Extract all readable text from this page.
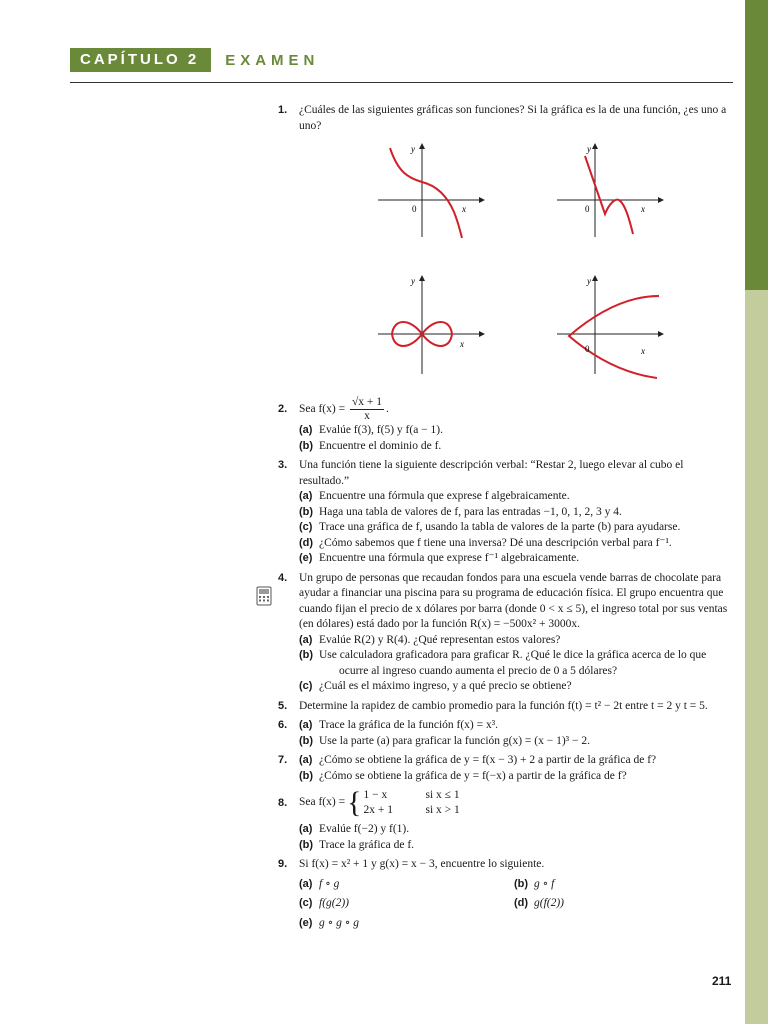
CAPÍTULO 2	EXAMEN
1. ¿Cuáles de las siguientes gráficas son funciones? Si la gráfica es la de una función, ¿es uno a uno?
y
0	x
y
0	x
y
x
y
0	x
2. Sea $f(x) = \frac{√x + 1}{x}$ .
(a) Evalúe f(3), f(5) y f(a − 1).
(b) Encuentre el dominio de f.
3. Una función tiene la siguiente descripción verbal: “Restar 2, luego elevar al cubo el resultado.”
(a) Encuentre una fórmula que exprese f algebraicamente.
(b) Haga una tabla de valores de f, para las entradas −1, 0, 1, 2, 3 y 4.
(c) Trace una gráfica de f, usando la tabla de valores de la parte (b) para ayudarse.
(d) ¿Cómo sabemos que f tiene una inversa? Dé una descripción verbal para f⁻¹.
(e) Encuentre una fórmula que exprese f⁻¹ algebraicamente.
4. Un grupo de personas que recaudan fondos para una escuela vende barras de chocolate para ayudar a financiar una piscina para su programa de educación física. El grupo encuentra que cuando fijan el precio de x dólares por barra (donde 0 < x ≤ 5), el ingreso total por sus ventas (en dólares) está dado por la función R(x) = −500x² + 3000x.
(a) Evalúe R(2) y R(4). ¿Qué representan estos valores?
(b) Use calculadora graficadora para graficar R. ¿Qué le dice la gráfica acerca de lo que
ocurre al ingreso cuando aumenta el precio de 0 a 5 dólares?
(c) ¿Cuál es el máximo ingreso, y a qué precio se obtiene?
5. Determine la rapidez de cambio promedio para la función f(t) = t² − 2t entre t = 2 y t = 5.
6. (a) Trace la gráfica de la función f(x) = x³.
(b) Use la parte (a) para graficar la función g(x) = (x − 1)³ − 2.
7. (a) ¿Cómo se obtiene la gráfica de y = f(x − 3) + 2 a partir de la gráfica de f?
(b) ¿Cómo se obtiene la gráfica de y = f(−x) a partir de la gráfica de f?
8. Sea f(x) = { 1 − x	si x ≤ 1
2x + 1	si x > 1
(a) Evalúe f(−2) y f(1).
(b) Trace la gráfica de f.
9. Si f(x) = x² + 1 y g(x) = x − 3, encuentre lo siguiente.
(a) f ∘ g	(b) g ∘ f
(c) f(g(2))	(d) g(f(2))
(e) g ∘ g ∘ g
211
